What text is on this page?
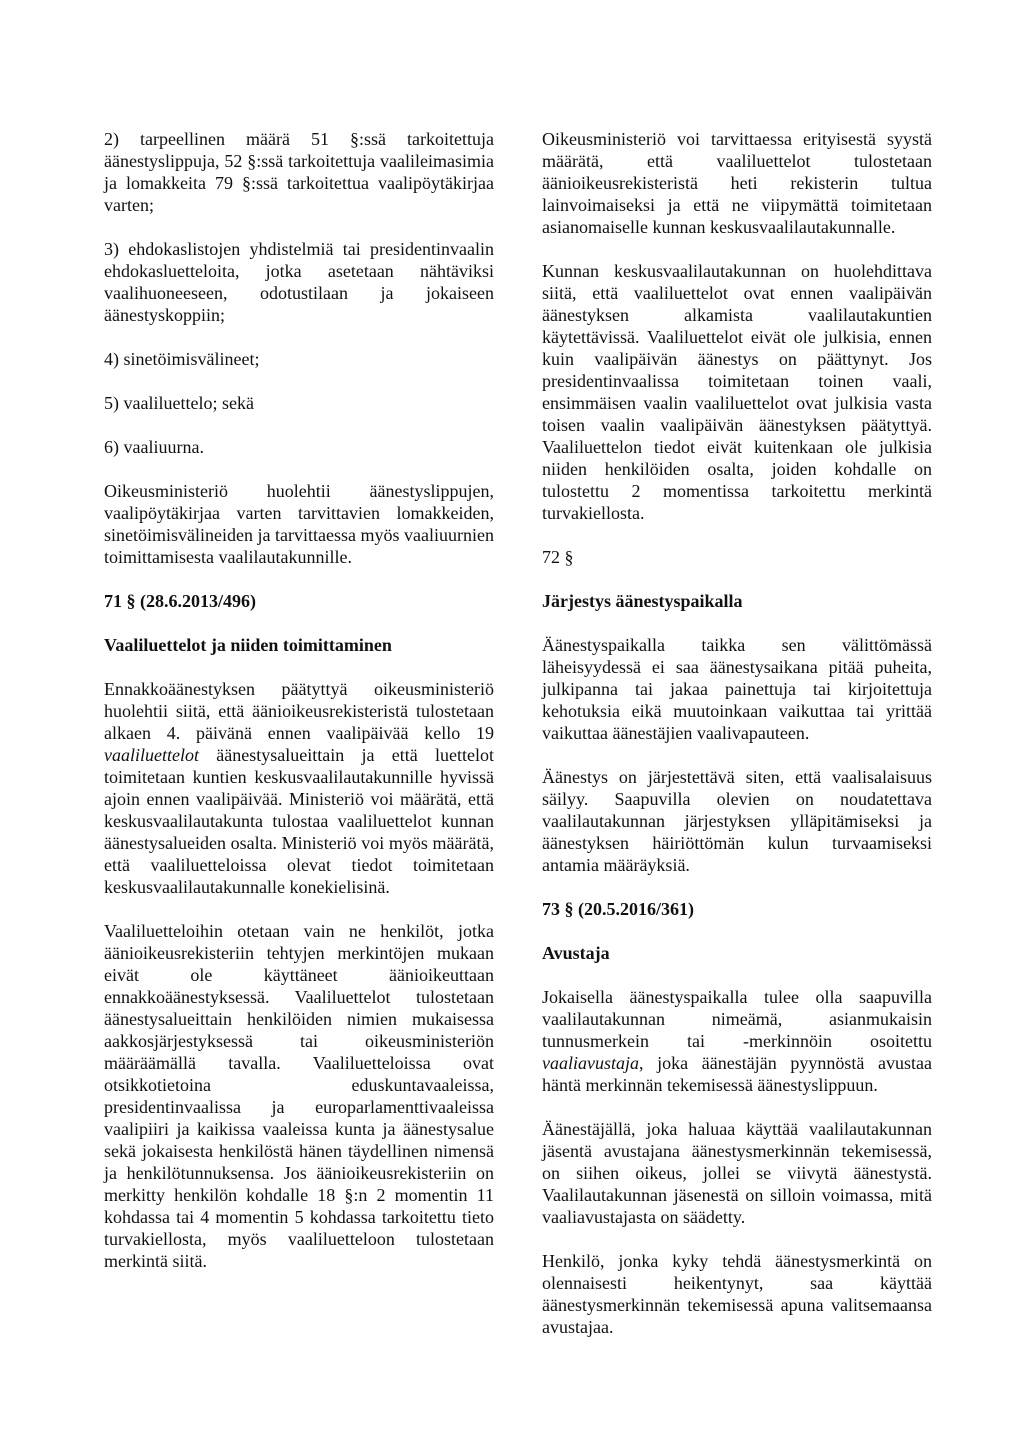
2) tarpeellinen määrä 51 §:ssä tarkoitettuja äänestyslippuja, 52 §:ssä tarkoitettuja vaalileimasimia ja lomakkeita 79 §:ssä tarkoitettua vaalipöytäkirjaa varten;

3) ehdokaslistojen yhdistelmiä tai presidentinvaalin ehdokasluetteloita, jotka asetetaan nähtäviksi vaalihuoneeseen, odotustilaan ja jokaiseen äänestyskoppiin;

4) sinetöimisvälineet;

5) vaaliluettelo; sekä

6) vaaliuurna.

Oikeusministeriö huolehtii äänestyslippujen, vaalipöytäkirjaa varten tarvittavien lomakkeiden, sinetöimisvälineiden ja tarvittaessa myös vaaliuurnien toimittamisesta vaalilautakunnille.

71 § (28.6.2013/496)

Vaaliluettelot ja niiden toimittaminen

Ennakkoäänestyksen päätyttyä oikeusministeriö huolehtii siitä, että äänioikeusrekisteristä tulostetaan alkaen 4. päivänä ennen vaalipäivää kello 19 vaaliluettelot äänestysalueittain ja että luettelot toimitetaan kuntien keskusvaalilautakunnille hyvissä ajoin ennen vaalipäivää. Ministeriö voi määrätä, että keskusvaalilautakunta tulostaa vaaliluettelot kunnan äänestysalueiden osalta. Ministeriö voi myös määrätä, että vaaliluetteloissa olevat tiedot toimitetaan keskusvaalilautakunnalle konekielisinä.

Vaaliluetteloihin otetaan vain ne henkilöt, jotka äänioikeusrekisteriin tehtyjen merkintöjen mukaan eivät ole käyttäneet äänioikeuttaan ennakkoäänestyksessä. Vaaliluettelot tulostetaan äänestysalueittain henkilöiden nimien mukaisessa aakkosjärjestyksessä tai oikeusministeriön määräämällä tavalla. Vaaliluetteloissa ovat otsikkotietoina eduskuntavaaleissa, presidentinvaalissa ja europarlamenttivaaleissa vaalipiiri ja kaikissa vaaleissa kunta ja äänestysalue sekä jokaisesta henkilöstä hänen täydellinen nimensä ja henkilötunnuksensa. Jos äänioikeusrekisteriin on merkitty henkilön kohdalle 18 §:n 2 momentin 11 kohdassa tai 4 momentin 5 kohdassa tarkoitettu tieto turvakiellosta, myös vaaliluetteloon tulostetaan merkintä siitä.

Oikeusministeriö voi tarvittaessa erityisestä syystä määrätä, että vaaliluettelot tulostetaan äänioikeusrekisteristä heti rekisterin tultua lainvoimaiseksi ja että ne viipymättä toimitetaan asianomaiselle kunnan keskusvaalilautakunnalle.

Kunnan keskusvaalilautakunnan on huolehdittava siitä, että vaaliluettelot ovat ennen vaalipäivän äänestyksen alkamista vaalilautakuntien käytettävissä. Vaaliluettelot eivät ole julkisia, ennen kuin vaalipäivän äänestys on päättynyt. Jos presidentinvaalissa toimitetaan toinen vaali, ensimmäisen vaalin vaaliluettelot ovat julkisia vasta toisen vaalin vaalipäivän äänestyksen päätyttyä. Vaaliluettelon tiedot eivät kuitenkaan ole julkisia niiden henkilöiden osalta, joiden kohdalle on tulostettu 2 momentissa tarkoitettu merkintä turvakiellosta.

72 §

Järjestys äänestyspaikalla

Äänestyspaikalla taikka sen välittömässä läheisyydessä ei saa äänestysaikana pitää puheita, julkipanna tai jakaa painettuja tai kirjoitettuja kehotuksia eikä muutoinkaan vaikuttaa tai yrittää vaikuttaa äänestäjien vaalivapauteen.

Äänestys on järjestettävä siten, että vaalisalaisuus säilyy. Saapuvilla olevien on noudatettava vaalilautakunnan järjestyksen ylläpitämiseksi ja äänestyksen häiriöttömän kulun turvaamiseksi antamia määräyksiä.

73 § (20.5.2016/361)

Avustaja

Jokaisella äänestyspaikalla tulee olla saapuvilla vaalilautakunnan nimeämä, asianmukaisin tunnusmerkein tai -merkinnöin osoitettu vaaliavustaja, joka äänestäjän pyynnöstä avustaa häntä merkinnän tekemisessä äänestyslippuun.

Äänestäjällä, joka haluaa käyttää vaalilautakunnan jäsentä avustajana äänestysmerkinnän tekemisessä, on siihen oikeus, jollei se viivytä äänestystä. Vaalilautakunnan jäsenestä on silloin voimassa, mitä vaaliavustajasta on säädetty.

Henkilö, jonka kyky tehdä äänestysmerkintä on olennaisesti heikentynyt, saa käyttää äänestysmerkinnän tekemisessä apuna valitsemaansa avustajaa.
